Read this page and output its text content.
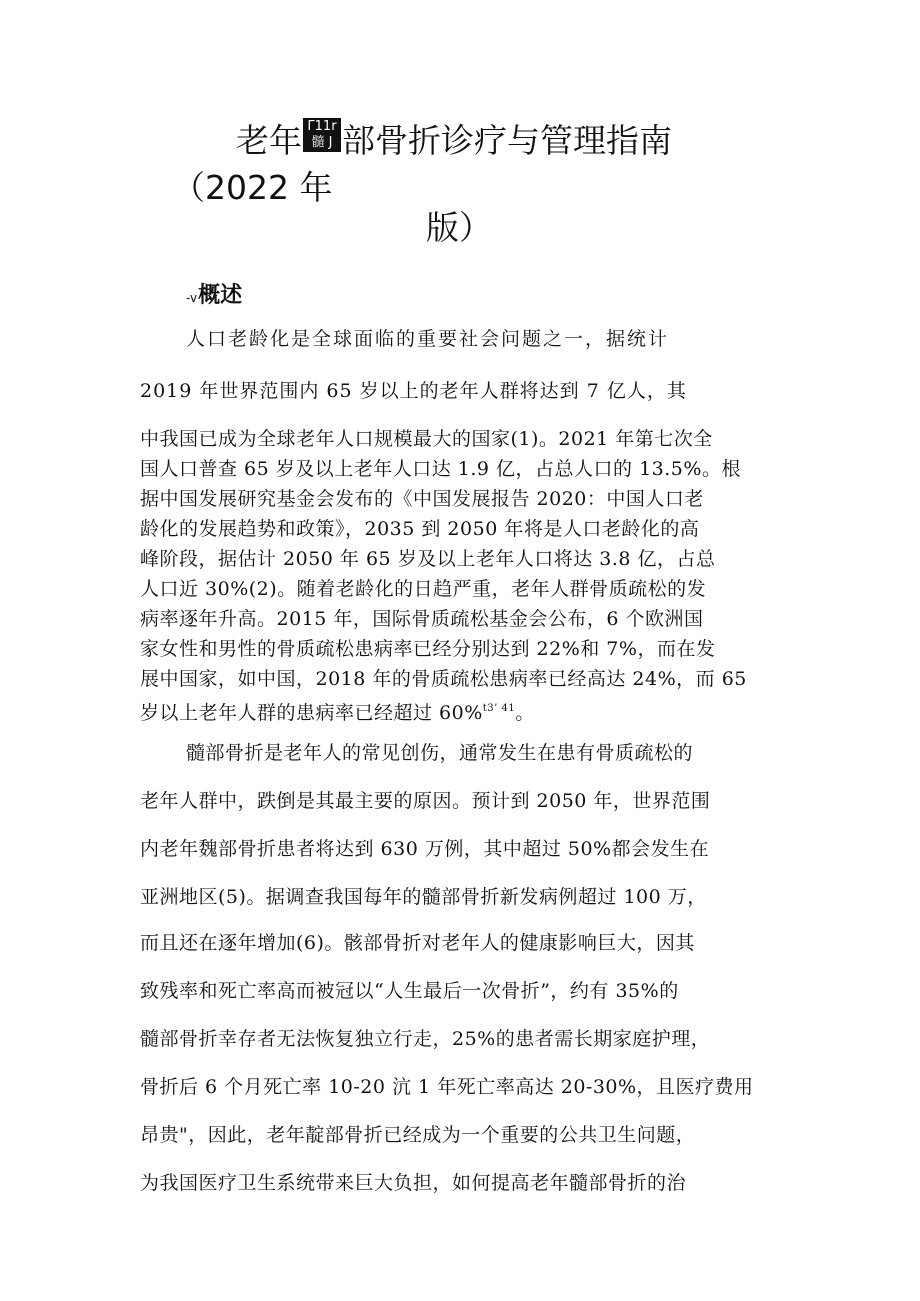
老年 Γ11r
髓 J 部骨折诊疗与管理指南
（2022 年
版）
-v概述
人口老龄化是全球面临的重要社会问题之一，据统计
2019 年世界范围内 65 岁以上的老年人群将达到 7 亿人，其
中我国已成为全球老年人口规模最大的国家(1)。2021 年第七次全
国人口普查 65 岁及以上老年人口达 1.9 亿，占总人口的 13.5%。根
据中国发展研究基金会发布的《中国发展报告 2020：中国人口老
龄化的发展趋势和政策》，2035 到 2050 年将是人口老龄化的高
峰阶段，据估计 2050 年 65 岁及以上老年人口将达 3.8 亿，占总
人口近 30%(2)。随着老龄化的日趋严重，老年人群骨质疏松的发
病率逐年升高。2015 年，国际骨质疏松基金会公布，6 个欧洲国
家女性和男性的骨质疏松患病率已经分别达到 22%和 7%，而在发
展中国家，如中国，2018 年的骨质疏松患病率已经高达 24%，而 65
岁以上老年人群的患病率已经超过 60%$^{t3’ 41}$。
髓部骨折是老年人的常见创伤，通常发生在患有骨质疏松的
老年人群中，跌倒是其最主要的原因。预计到 2050 年，世界范围
内老年魏部骨折患者将达到 630 万例，其中超过 50%都会发生在
亚洲地区(5)。据调查我国每年的髓部骨折新发病例超过 100 万，
而且还在逐年增加(6)。骸部骨折对老年人的健康影响巨大，因其
致残率和死亡率高而被冠以“人生最后一次骨折”，约有 35%的
髓部骨折幸存者无法恢复独立行走，25%的患者需长期家庭护理，
骨折后 6 个月死亡率 10-20 沆 1 年死亡率高达 20-30%，且医疗费用
昂贵"，因此，老年靛部骨折已经成为一个重要的公共卫生问题，
为我国医疗卫生系统带来巨大负担，如何提高老年髓部骨折的治
